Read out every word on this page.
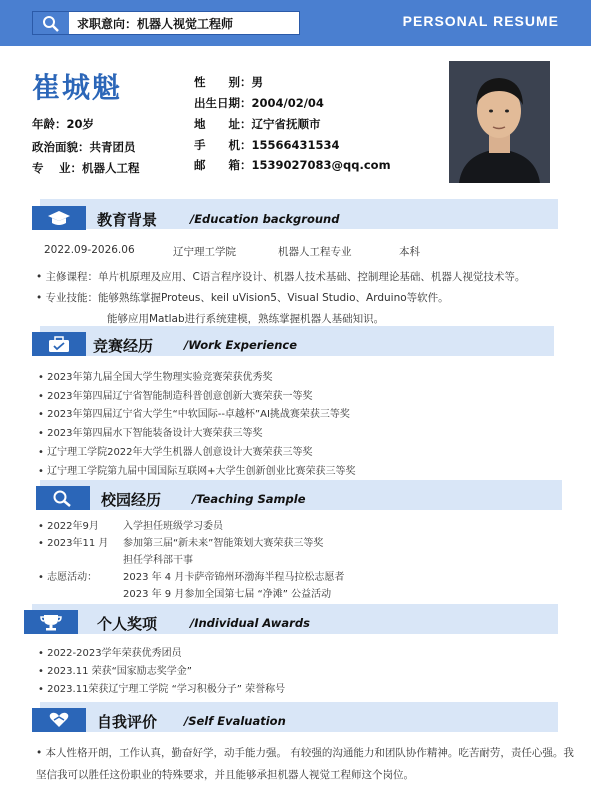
求职意向：机器人视觉工程师	PERSONAL RESUME
崔城魁
年龄：20岁
政治面貌：共青团员
专　 业：机器人工程
性　　别：男
出生日期：2004/02/04
地　　址：辽宁省抚顺市
手　　机：15566431534
邮　　箱：1539027083@qq.com
教育背景	/Education background
2022.09-2026.06	辽宁理工学院	机器人工程专业	本科
• 主修课程：单片机原理及应用、C语言程序设计、机器人技术基础、控制理论基础、机器人视觉技术等。
• 专业技能：能够熟练掌握Proteus、keil uVision5、Visual Studio、Arduino等软件。
能够应用Matlab进行系统建模，熟练掌握机器人基础知识。
竞赛经历	/Work Experience
• 2023年第九届全国大学生物理实验竞赛荣获优秀奖
• 2023年第四届辽宁省智能制造科普创意创新大赛荣获一等奖
• 2023年第四届辽宁省大学生“中软国际--卓越杯”AI挑战赛荣获三等奖
• 2023年第四届水下智能装备设计大赛荣获三等奖
• 辽宁理工学院2022年大学生机器人创意设计大赛荣获三等奖
• 辽宁理工学院第九届中国国际互联网+大学生创新创业比赛荣获三等奖
校园经历	/Teaching Sample
• 2022年9月 入学担任班级学习委员
• 2023年11 月 参加第三届“新未来”智能策划大赛荣获三等奖
担任学科部干事
• 志愿活动：	2023 年 4 月卡萨帝锦州环渤海半程马拉松志愿者
2023 年 9 月参加全国第七届 “净滩” 公益活动
个人奖项	/Individual Awards
• 2022-2023学年荣获优秀团员
• 2023.11 荣获“国家励志奖学金”
• 2023.11荣获辽宁理工学院 “学习积极分子” 荣誉称号
自我评价 /Self Evaluation
• 本人性格开朗，工作认真，勤奋好学，动手能力强。 有较强的沟通能力和团队协作精神。吃苦耐劳，责任心强。我坚信我可以胜任这份职业的特殊要求，并且能够承担机器人视觉工程师这个岗位。
